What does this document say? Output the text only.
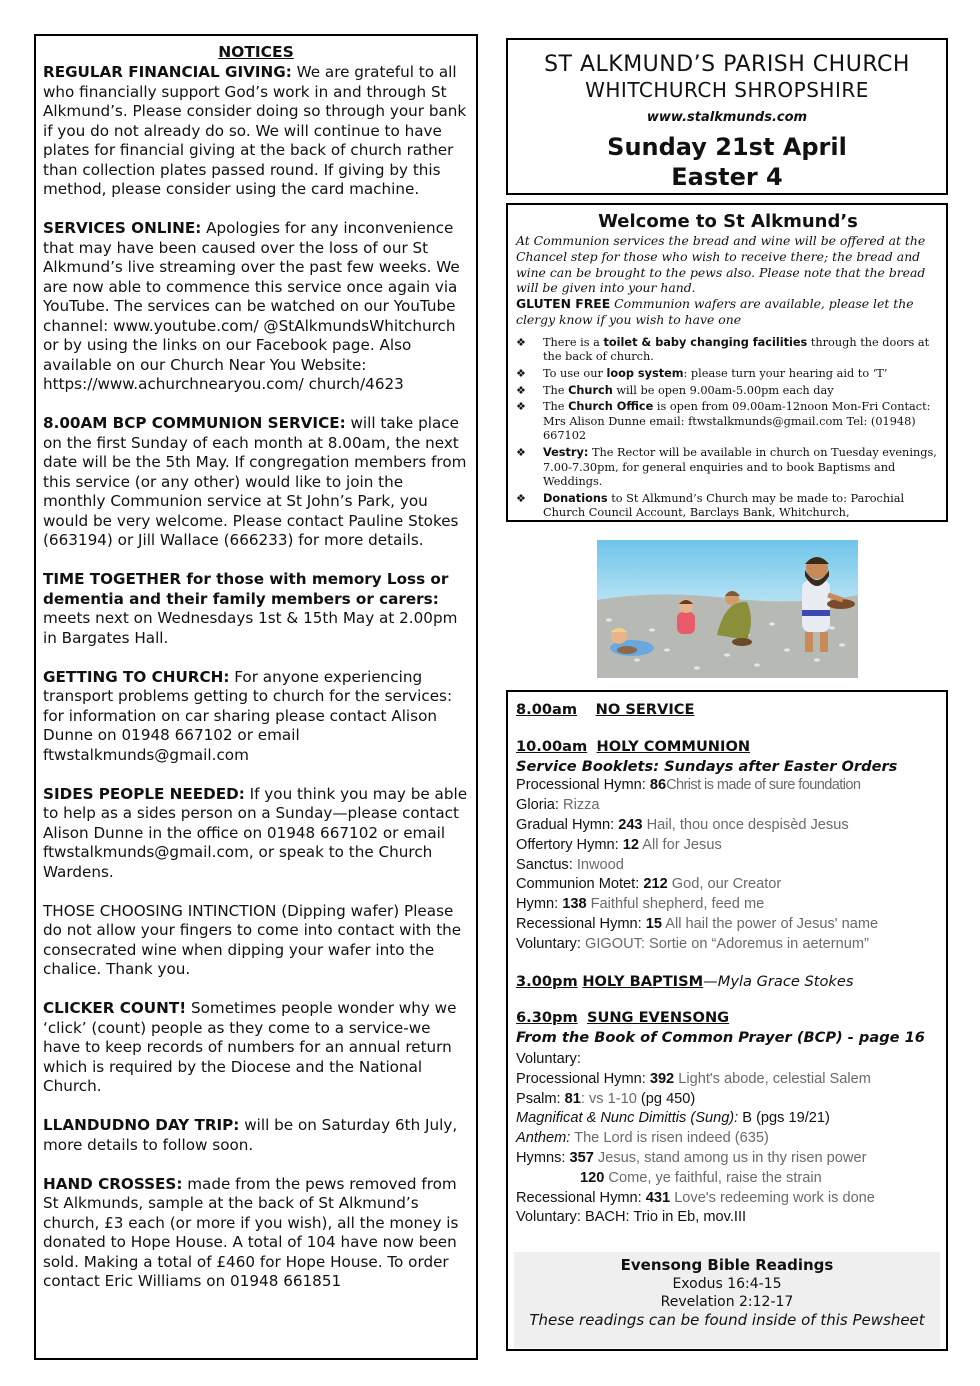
NOTICES

REGULAR FINANCIAL GIVING: We are grateful to all who financially support God’s work in and through St Alkmund’s. Please consider doing so through your bank if you do not already do so. We will continue to have plates for financial giving at the back of church rather than collection plates passed round. If giving by this method, please consider using the card machine.

SERVICES ONLINE: Apologies for any inconvenience that may have been caused over the loss of our St Alkmund’s live streaming over the past few weeks. We are now able to commence this service once again via YouTube. The services can be watched on our YouTube channel: www.youtube.com/ @StAlkmundsWhitchurch or by using the links on our Facebook page. Also available on our Church Near You Website: https://www.achurchnearyou.com/ church/4623

8.00AM BCP COMMUNION SERVICE: will take place on the first Sunday of each month at 8.00am, the next date will be the 5th May. If congregation members from this service (or any other) would like to join the monthly Communion service at St John’s Park, you would be very welcome. Please contact Pauline Stokes (663194) or Jill Wallace (666233) for more details.

TIME TOGETHER for those with memory Loss or dementia and their family members or carers: meets next on Wednesdays 1st & 15th May at 2.00pm in Bargates Hall.

GETTING TO CHURCH: For anyone experiencing transport problems getting to church for the services: for information on car sharing please contact Alison Dunne on 01948 667102 or email ftwstalkmunds@gmail.com

SIDES PEOPLE NEEDED: If you think you may be able to help as a sides person on a Sunday—please contact Alison Dunne in the office on 01948 667102 or email ftwstalkmunds@gmail.com, or speak to the Church Wardens.

THOSE CHOOSING INTINCTION (Dipping wafer) Please do not allow your fingers to come into contact with the consecrated wine when dipping your wafer into the chalice. Thank you.

CLICKER COUNT! Sometimes people wonder why we ‘click’ (count) people as they come to a service-we have to keep records of numbers for an annual return which is required by the Diocese and the National Church.

LLANDUDNO DAY TRIP: will be on Saturday 6th July, more details to follow soon.

HAND CROSSES: made from the pews removed from St Alkmunds, sample at the back of St Alkmund’s church, £3 each (or more if you wish), all the money is donated to Hope House. A total of 104 have now been sold. Making a total of £460 for Hope House. To order contact Eric Williams on 01948 661851

ST ALKMUND’S PARISH CHURCH
WHITCHURCH SHROPSHIRE
www.stalkmunds.com
Sunday 21st April
Easter 4
Welcome to St Alkmund’s
At Communion services the bread and wine will be offered at the Chancel step for those who wish to receive there; the bread and wine can be brought to the pews also. Please note that the bread will be given into your hand.
GLUTEN FREE Communion wafers are available, please let the clergy know if you wish to have one
❖ There is a toilet & baby changing facilities through the doors at the back of church.
❖ To use our loop system: please turn your hearing aid to ‘T’
❖ The Church will be open 9.00am-5.00pm each day
❖ The Church Office is open from 09.00am-12noon Mon-Fri Contact: Mrs Alison Dunne email: ftwstalkmunds@gmail.com Tel: (01948) 667102
❖ Vestry: The Rector will be available in church on Tuesday evenings, 7.00-7.30pm, for general enquiries and to book Baptisms and Weddings.
❖ Donations to St Alkmund’s Church may be made to: Parochial Church Council Account, Barclays Bank, Whitchurch,
8.00am NO SERVICE
10.00am HOLY COMMUNION
Service Booklets: Sundays after Easter Orders
Processional Hymn: 86Christ is made of sure foundation
Gloria: Rizza
Gradual Hymn: 243 Hail, thou once despisèd Jesus
Offertory Hymn: 12 All for Jesus
Sanctus: Inwood
Communion Motet: 212 God, our Creator
Hymn: 138 Faithful shepherd, feed me
Recessional Hymn: 15 All hail the power of Jesus' name
Voluntary: GIGOUT: Sortie on “Adoremus in aeternum”
3.00pm HOLY BAPTISM—Myla Grace Stokes
6.30pm SUNG EVENSONG
From the Book of Common Prayer (BCP) - page 16
Voluntary:
Processional Hymn: 392 Light's abode, celestial Salem
Psalm: 81: vs 1-10 (pg 450)
Magnificat & Nunc Dimittis (Sung): B (pgs 19/21)
Anthem: The Lord is risen indeed (635)
Hymns: 357 Jesus, stand among us in thy risen power
120 Come, ye faithful, raise the strain
Recessional Hymn: 431 Love's redeeming work is done
Voluntary: BACH: Trio in Eb, mov.III
Evensong Bible Readings
Exodus 16:4-15
Revelation 2:12-17
These readings can be found inside of this Pewsheet
